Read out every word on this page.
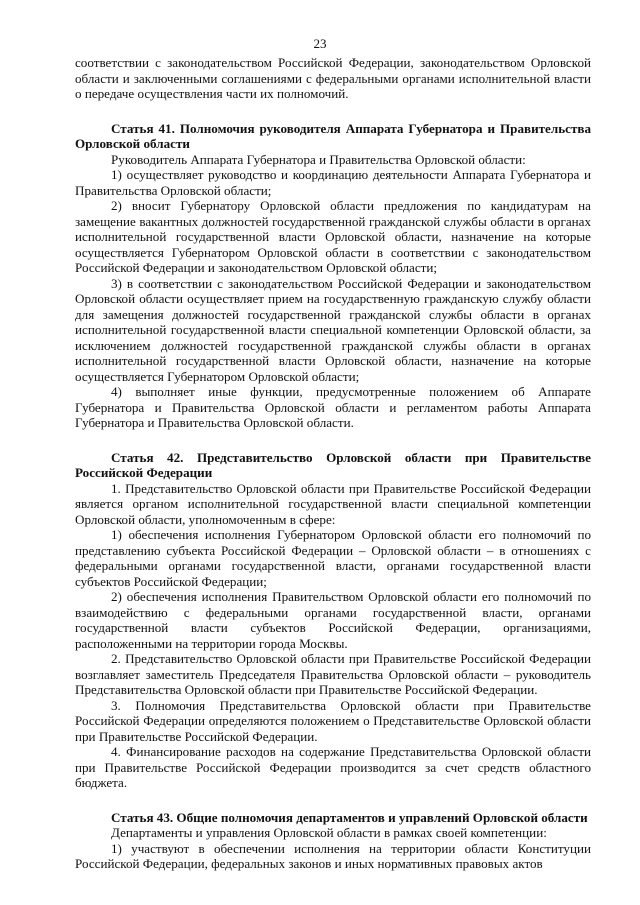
23

соответствии с законодательством Российской Федерации, законодательством Орловской области и заключенными соглашениями с федеральными органами исполнительной власти о передаче осуществления части их полномочий.

Статья 41. Полномочия руководителя Аппарата Губернатора и Правительства Орловской области

Руководитель Аппарата Губернатора и Правительства Орловской области:

1) осуществляет руководство и координацию деятельности Аппарата Губернатора и Правительства Орловской области;

2) вносит Губернатору Орловской области предложения по кандидатурам на замещение вакантных должностей государственной гражданской службы области в органах исполнительной государственной власти Орловской области, назначение на которые осуществляется Губернатором Орловской области в соответствии с законодательством Российской Федерации и законодательством Орловской области;

3) в соответствии с законодательством Российской Федерации и законодательством Орловской области осуществляет прием на государственную гражданскую службу области для замещения должностей государственной гражданской службы области в органах исполнительной государственной власти специальной компетенции Орловской области, за исключением должностей государственной гражданской службы области в органах исполнительной государственной власти Орловской области, назначение на которые осуществляется Губернатором Орловской области;

4) выполняет иные функции, предусмотренные положением об Аппарате Губернатора и Правительства Орловской области и регламентом работы Аппарата Губернатора и Правительства Орловской области.

Статья 42. Представительство Орловской области при Правительстве Российской Федерации

1. Представительство Орловской области при Правительстве Российской Федерации является органом исполнительной государственной власти специальной компетенции Орловской области, уполномоченным в сфере:

1) обеспечения исполнения Губернатором Орловской области его полномочий по представлению субъекта Российской Федерации – Орловской области – в отношениях с федеральными органами государственной власти, органами государственной власти субъектов Российской Федерации;

2) обеспечения исполнения Правительством Орловской области его полномочий по взаимодействию с федеральными органами государственной власти, органами государственной власти субъектов Российской Федерации, организациями, расположенными на территории города Москвы.

2. Представительство Орловской области при Правительстве Российской Федерации возглавляет заместитель Председателя Правительства Орловской области – руководитель Представительства Орловской области при Правительстве Российской Федерации.

3. Полномочия Представительства Орловской области при Правительстве Российской Федерации определяются положением о Представительстве Орловской области при Правительстве Российской Федерации.

4. Финансирование расходов на содержание Представительства Орловской области при Правительстве Российской Федерации производится за счет средств областного бюджета.

Статья 43. Общие полномочия департаментов и управлений Орловской области

Департаменты и управления Орловской области в рамках своей компетенции:

1) участвуют в обеспечении исполнения на территории области Конституции Российской Федерации, федеральных законов и иных нормативных правовых актов
